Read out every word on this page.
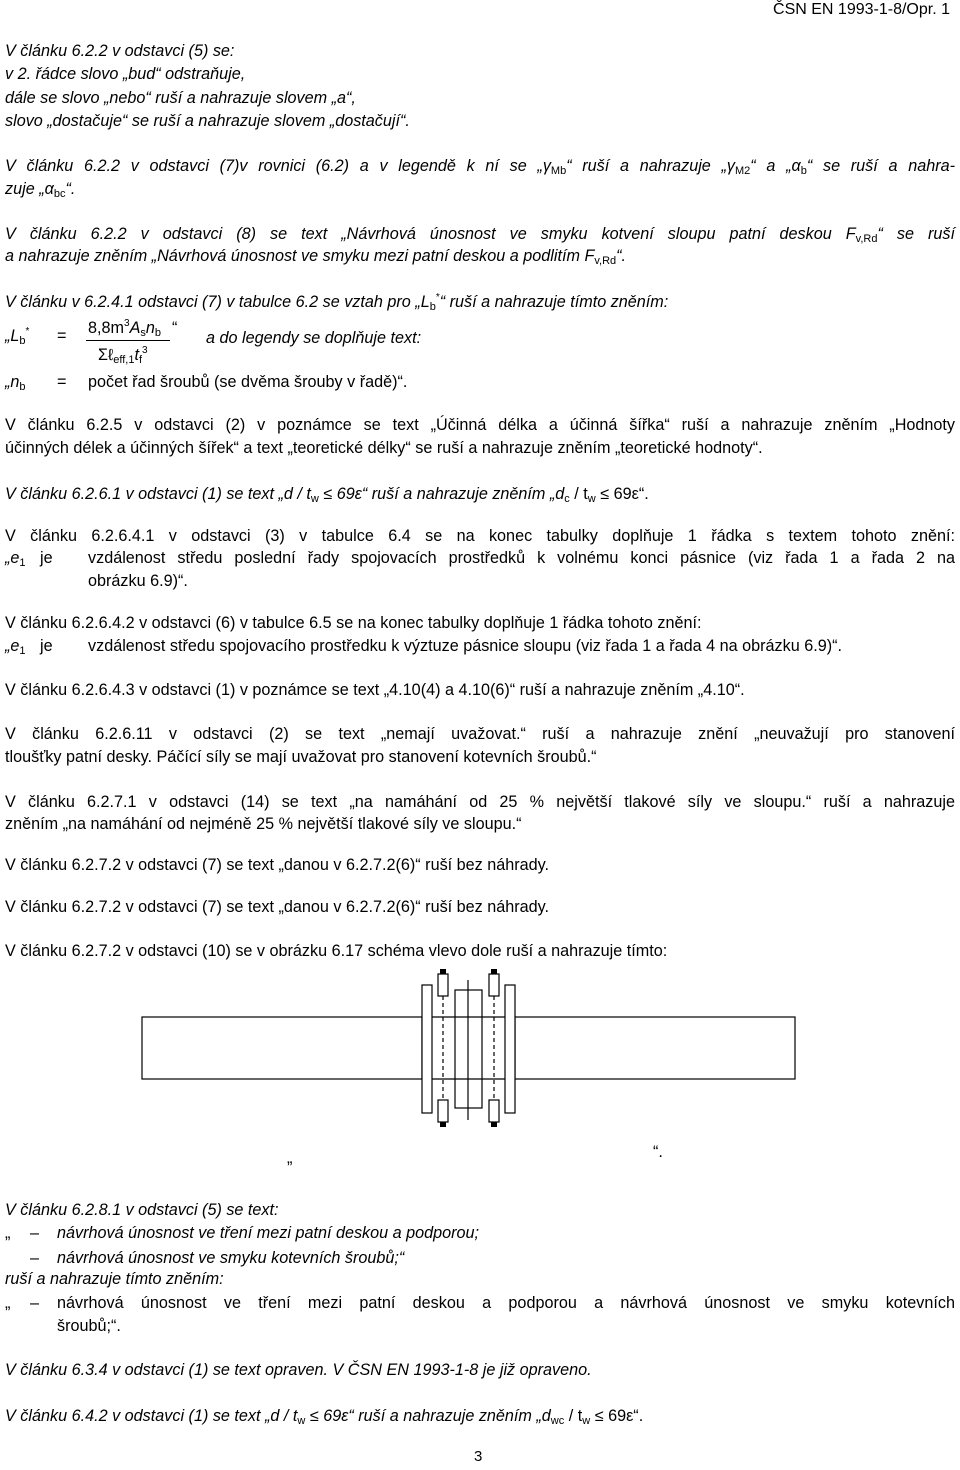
ČSN EN 1993-1-8/Opr. 1
V článku 6.2.2 v odstavci (5) se:
v 2. řádce slovo „bud“ odstraňuje,
dále se slovo „nebo“ ruší a nahrazuje slovem „a“,
slovo „dostačuje“ se ruší a nahrazuje slovem „dostačují“.
V článku 6.2.2 v odstavci (7)v rovnici (6.2) a v legendě k ní se $„\gamma_{Mb}“$ ruší a nahrazuje $„\gamma_{M2}“$ a $„\alpha_b“$ se ruší a nahra-
zuje $„\alpha_{bc}“$.
V článku 6.2.2 v odstavci (8) se text „Návrhová únosnost ve smyku kotvení sloupu patní deskou $F_{v,Rd}“$ se ruší
a nahrazuje zněním „Návrhová únosnost ve smyku mezi patní deskou a podlitím $F_{v,Rd}“$.
V článku v 6.2.4.1 odstavci (7) v tabulce 6.2 se vztah pro $„L_b^*“$ ruší a nahrazuje tímto zněním:
$„L_b^* = 8,8m^3A_sn_b$ “
$\Sigma\ell_{eff,1}t_f^3$
a do legendy se doplňuje text:
$„n_b$ = počet řad šroubů (se dvěma šrouby v řadě)“.
V článku 6.2.5 v odstavci (2) v poznámce se text „Účinná délka a účinná šířka“ ruší a nahrazuje zněním „Hodnoty
účinných délek a účinných šířek“ a text „teoretické délky“ se ruší a nahrazuje zněním „teoretické hodnoty“.
V článku 6.2.6.1 v odstavci (1) se text „d / $t_w$ ≤ 69ε“ ruší a nahrazuje zněním $„d_c / t_w$ ≤ 69ε“.
V článku 6.2.6.4.1 v odstavci (3) v tabulce 6.4 se na konec tabulky doplňuje 1 řádka s textem tohoto znění:
$„e_1$ je vzdálenost středu poslední řady spojovacích prostředků k volnému konci pásnice (viz řada 1 a řada 2 na
obrázku 6.9)“.
V článku 6.2.6.4.2 v odstavci (6) v tabulce 6.5 se na konec tabulky doplňuje 1 řádka tohoto znění:
$„e_1$ je vzdálenost středu spojovacího prostředku k výztuze pásnice sloupu (viz řada 1 a řada 4 na obrázku 6.9)“.
V článku 6.2.6.4.3 v odstavci (1) v poznámce se text „4.10(4) a 4.10(6)“ ruší a nahrazuje zněním „4.10“.
V článku 6.2.6.11 v odstavci (2) se text „nemají uvažovat.“ ruší a nahrazuje znění „neuvažují pro stanovení
tloušťky patní desky. Páčící síly se mají uvažovat pro stanovení kotevních šroubů.“
V článku 6.2.7.1 v odstavci (14) se text „na namáhání od 25 % největší tlakové síly ve sloupu.“ ruší a nahrazuje
zněním „na namáhání od nejméně 25 % největší tlakové síly ve sloupu.“
V článku 6.2.7.2 v odstavci (7) se text „danou v 6.2.7.2(6)“ ruší bez náhrady.
V článku 6.2.7.2 v odstavci (7) se text „danou v 6.2.7.2(6)“ ruší bez náhrady.
V článku 6.2.7.2 v odstavci (10) se v obrázku 6.17 schéma vlevo dole ruší a nahrazuje tímto:
„	“.
V článku 6.2.8.1 v odstavci (5) se text:
„ – návrhová únosnost ve tření mezi patní deskou a podporou;
– návrhová únosnost ve smyku kotevních šroubů;“
ruší a nahrazuje tímto zněním:
„ – návrhová únosnost ve tření mezi patní deskou a podporou a návrhová únosnost ve smyku kotevních
šroubů;“.
V článku 6.3.4 v odstavci (1) se text opraven. V ČSN EN 1993-1-8 je již opraveno.
V článku 6.4.2 v odstavci (1) se text „d / $t_w$ ≤ 69ε“ ruší a nahrazuje zněním $„d_{wc} / t_w$ ≤ 69ε“.
3
